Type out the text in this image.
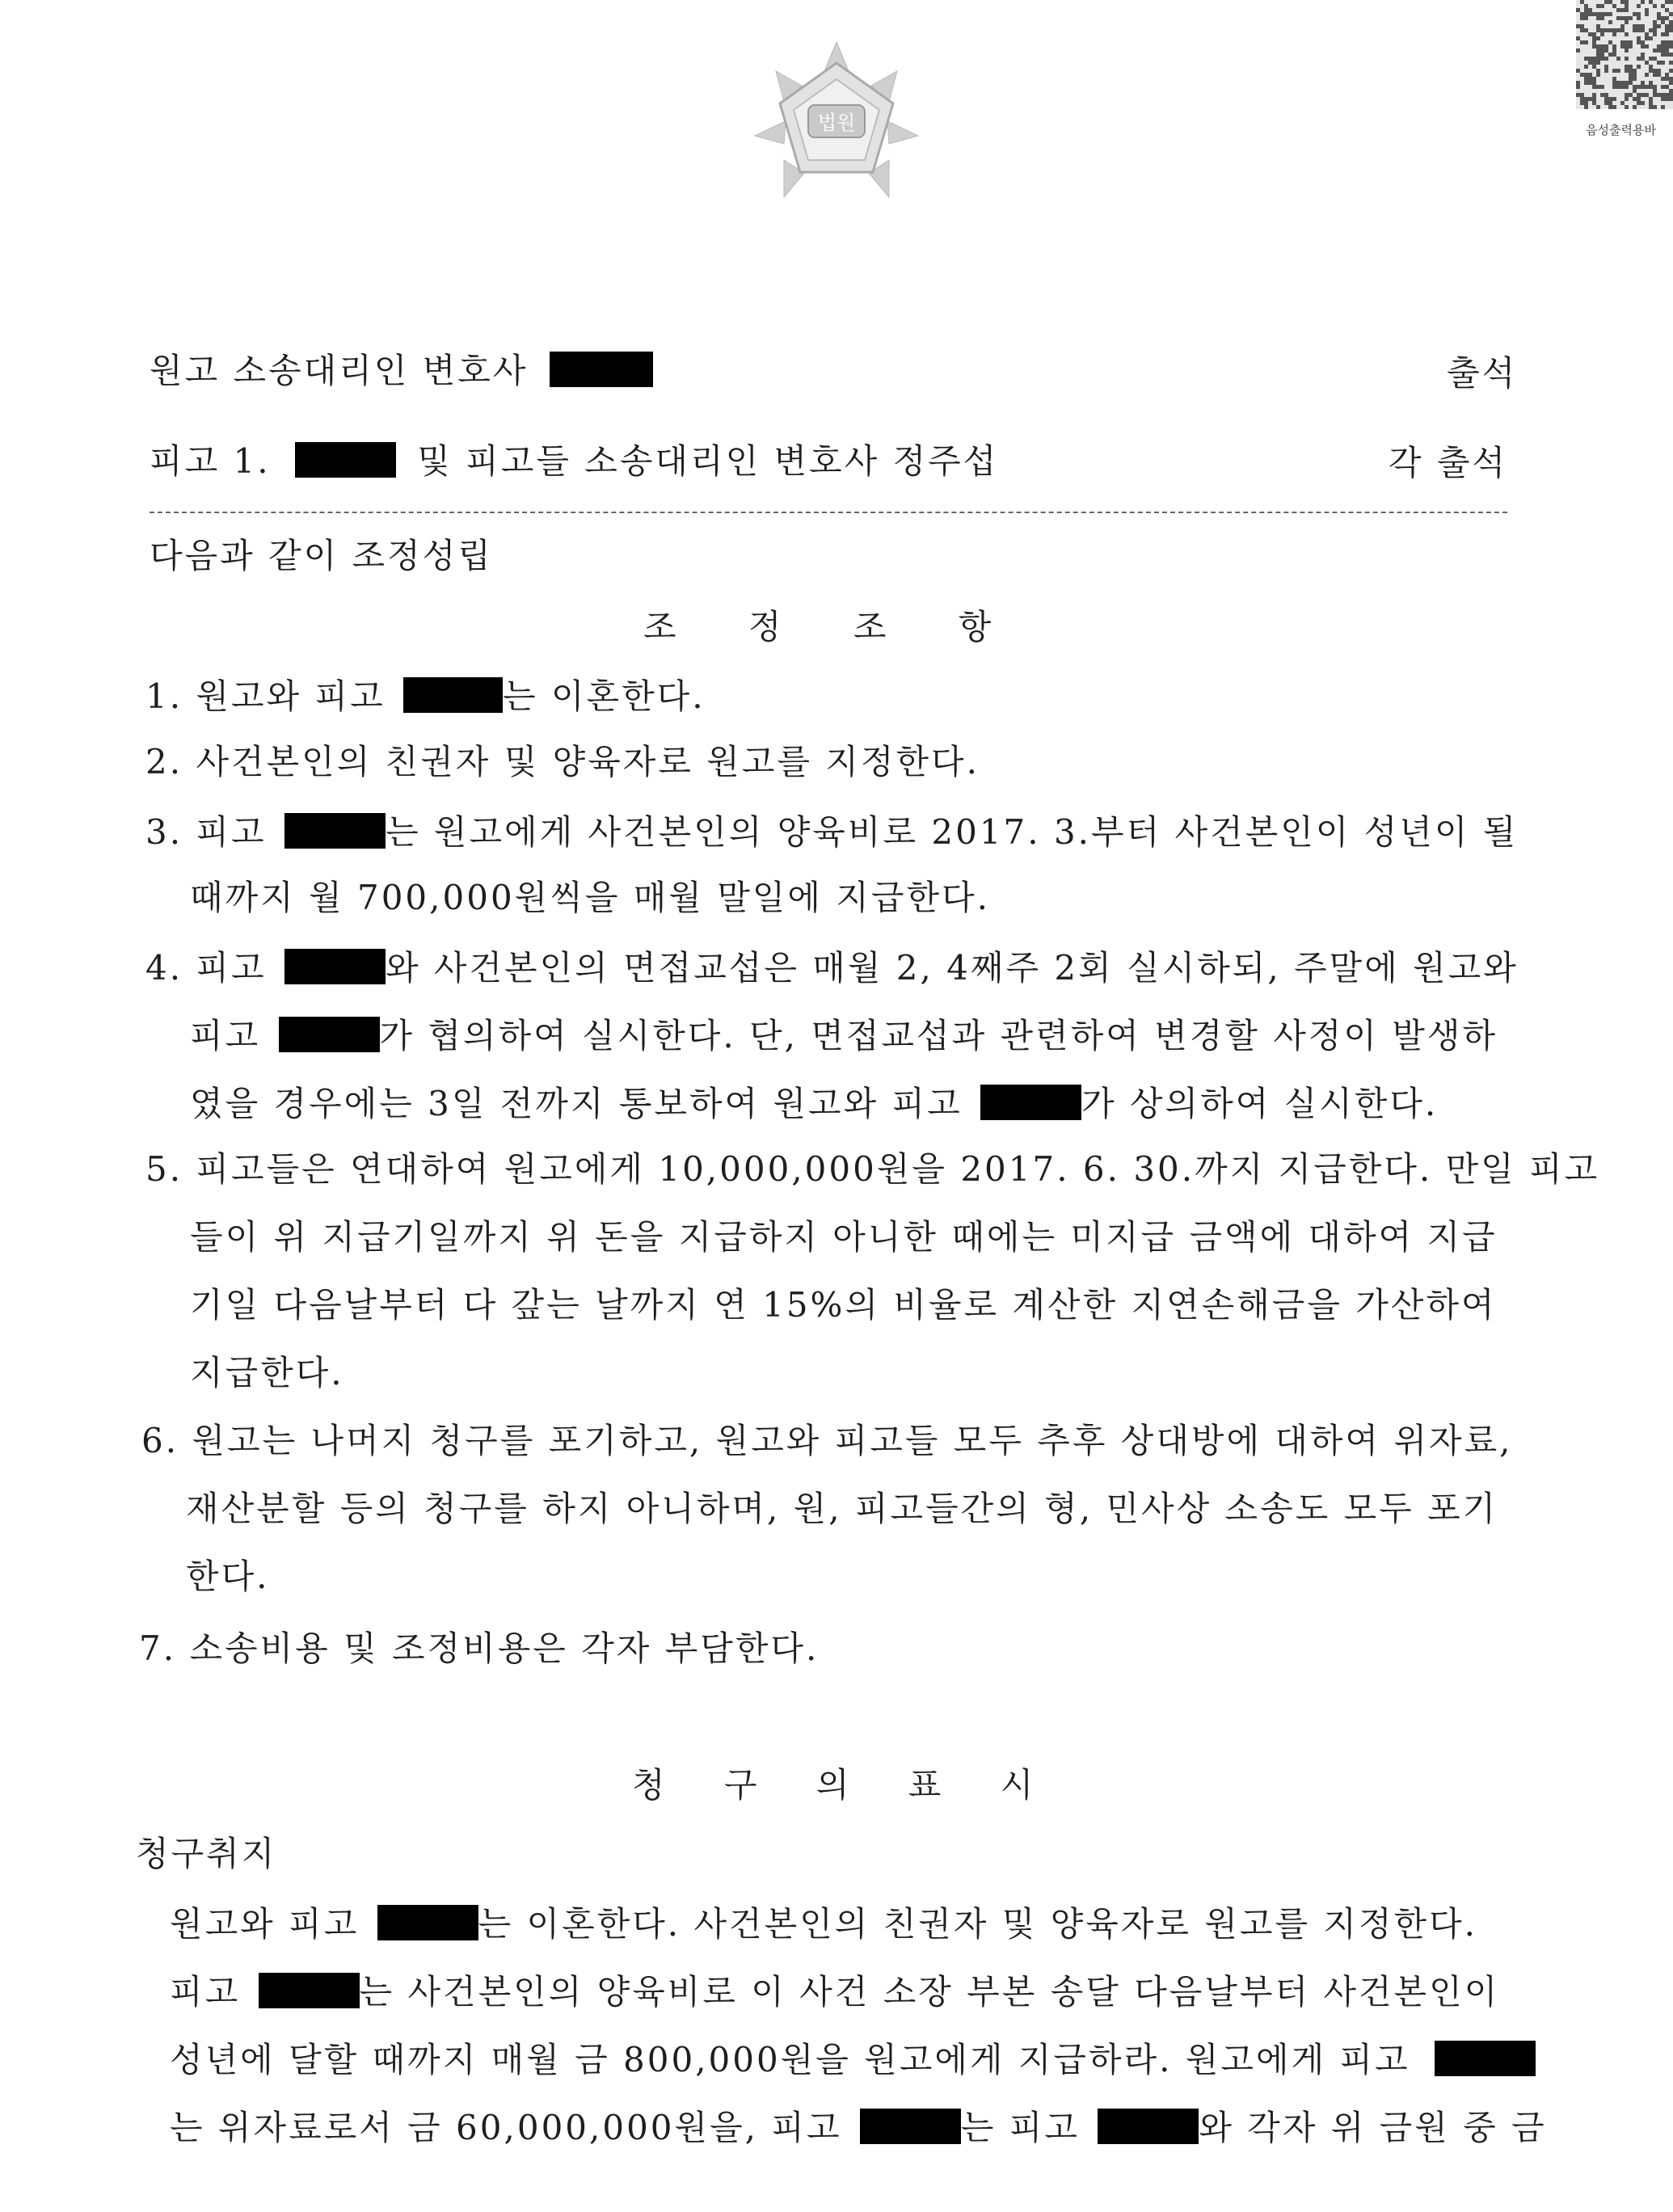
법원	음성출력용바
원고 소송대리인 변호사	출석
피고 1.	및 피고들 소송대리인 변호사 정주섭	각 출석
다음과 같이 조정성립
조 정 조 항
1. 원고와 피고	는 이혼한다.
2. 사건본인의 친권자 및 양육자로 원고를 지정한다.
3. 피고	는 원고에게 사건본인의 양육비로 2017. 3.부터 사건본인이 성년이 될
때까지 월 700,000원씩을 매월 말일에 지급한다.
4. 피고	와 사건본인의 면접교섭은 매월 2, 4째주 2회 실시하되, 주말에 원고와
피고	가 협의하여 실시한다. 단, 면접교섭과 관련하여 변경할 사정이 발생하
였을 경우에는 3일 전까지 통보하여 원고와 피고	가 상의하여 실시한다.
5. 피고들은 연대하여 원고에게 10,000,000원을 2017. 6. 30.까지 지급한다. 만일 피고
들이 위 지급기일까지 위 돈을 지급하지 아니한 때에는 미지급 금액에 대하여 지급
기일 다음날부터 다 갚는 날까지 연 15%의 비율로 계산한 지연손해금을 가산하여
지급한다.
6. 원고는 나머지 청구를 포기하고, 원고와 피고들 모두 추후 상대방에 대하여 위자료,
재산분할 등의 청구를 하지 아니하며, 원, 피고들간의 형, 민사상 소송도 모두 포기
한다.
7. 소송비용 및 조정비용은 각자 부담한다.
청 구 의 표 시
청구취지
원고와 피고	는 이혼한다. 사건본인의 친권자 및 양육자로 원고를 지정한다.
피고	는 사건본인의 양육비로 이 사건 소장 부본 송달 다음날부터 사건본인이
성년에 달할 때까지 매월 금 800,000원을 원고에게 지급하라. 원고에게 피고
는 위자료로서 금 60,000,000원을, 피고	는 피고	와 각자 위 금원 중 금
